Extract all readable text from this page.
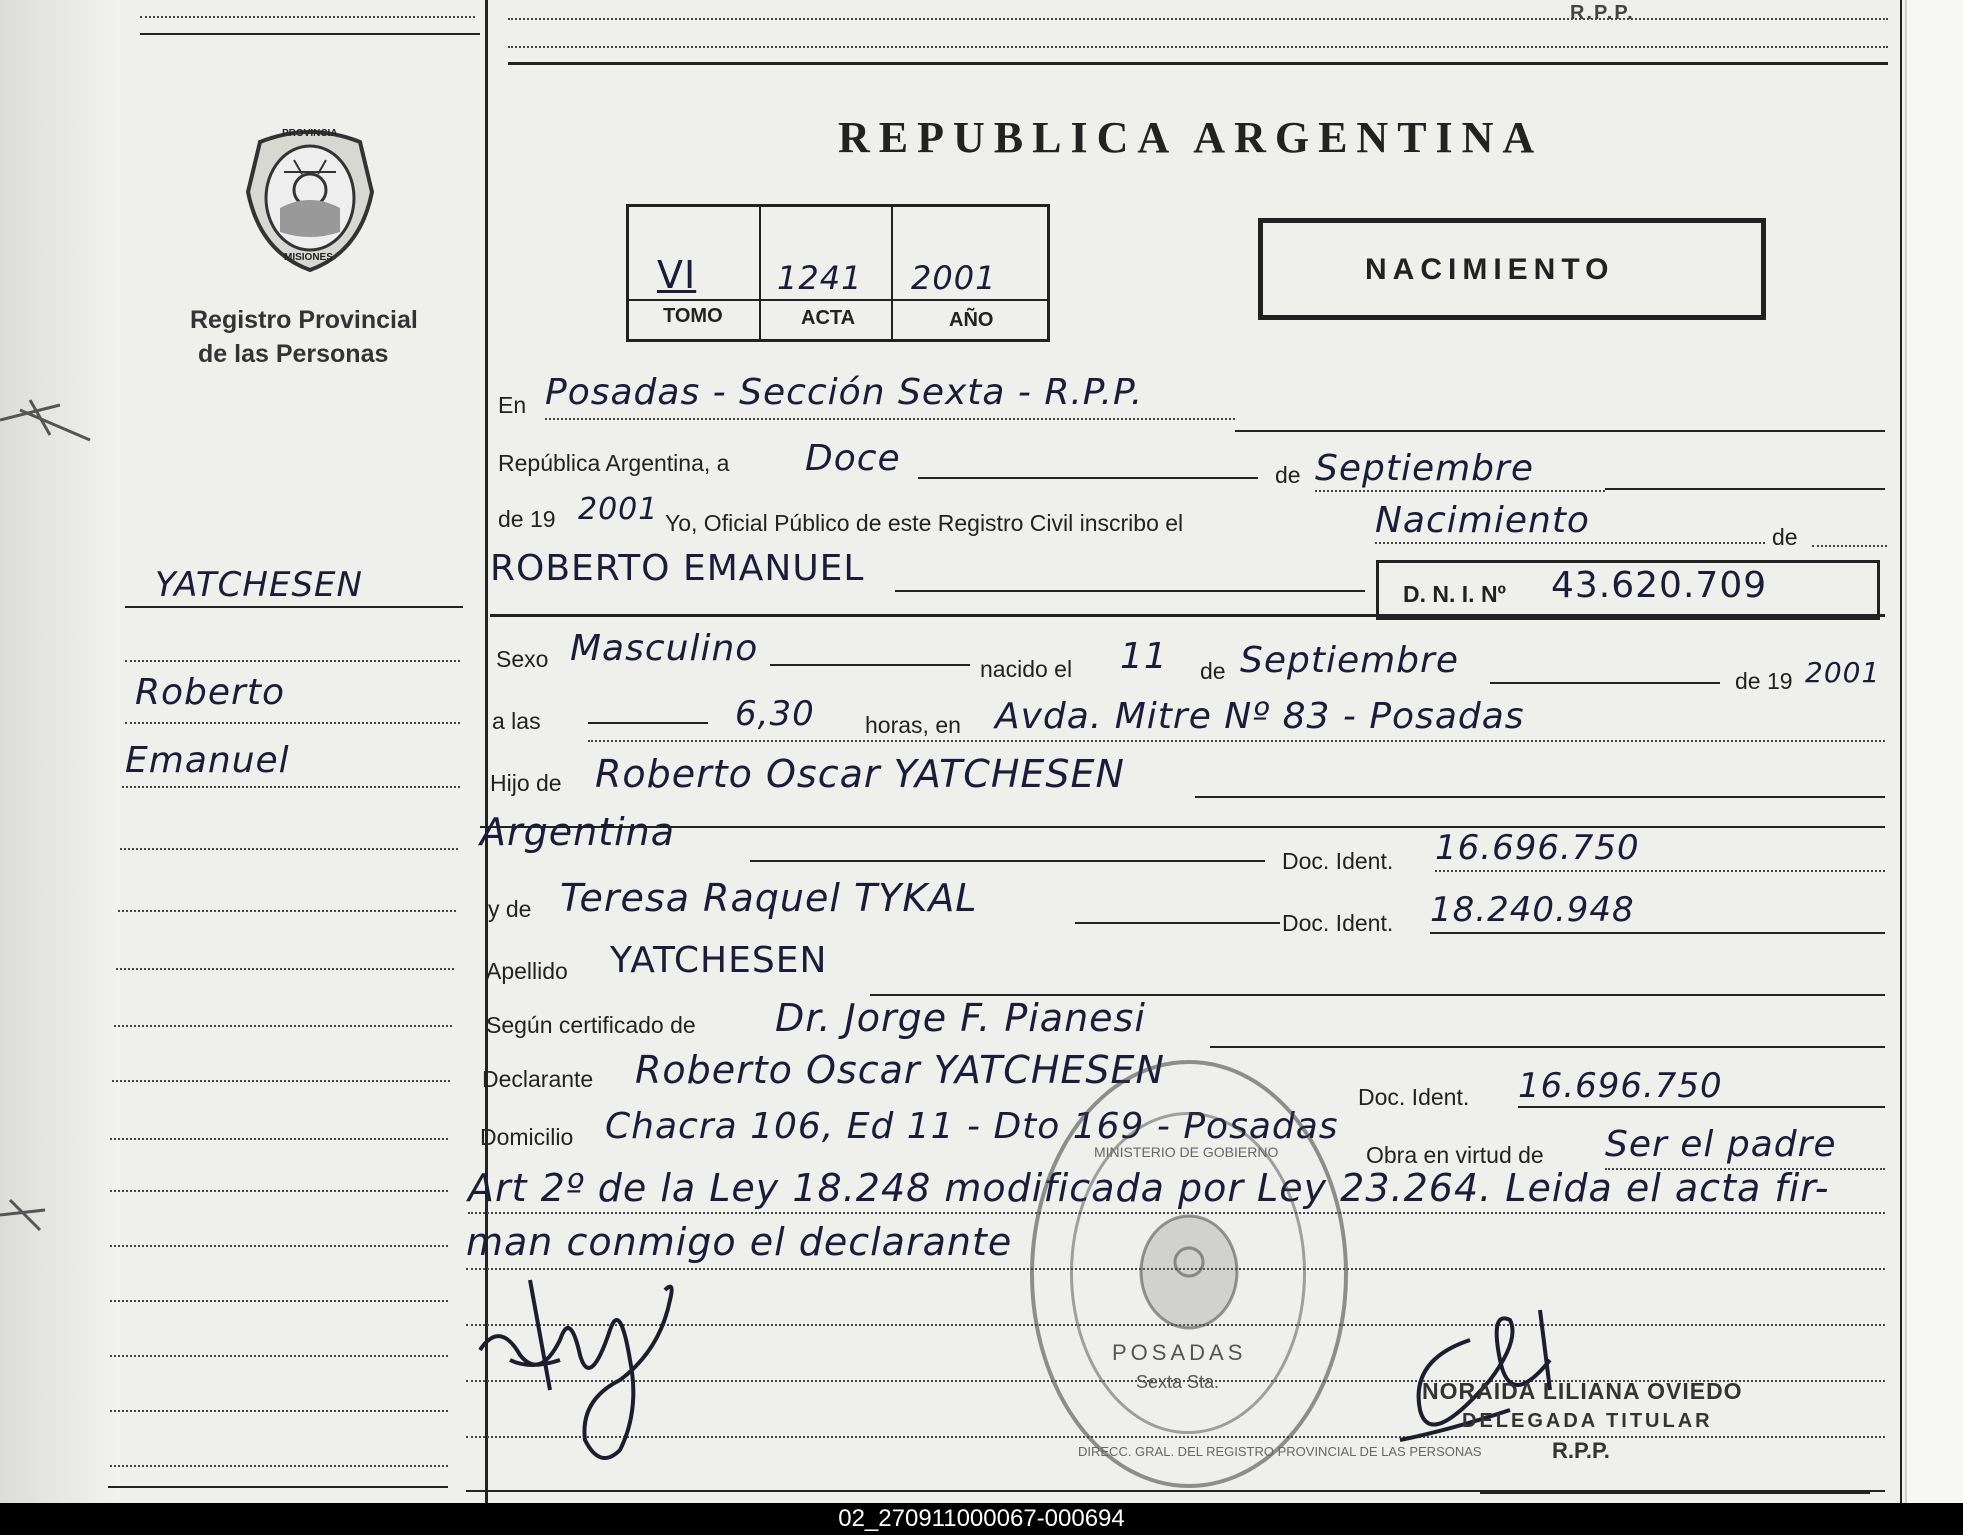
R.P.P.
PROVINCIA
MISIONES
Registro Provincial
de las Personas
YATCHESEN
Roberto
Emanuel
REPUBLICA ARGENTINA
VI	1241 2001
TOMO	ACTA	AÑO
NACIMIENTO
En Posadas - Sección Sexta - R.P.P.
República Argentina, a Doce	de Septiembre
de 19 2001 Yo, Oficial Público de este Registro Civil inscribo el	Nacimiento	de
ROBERTO EMANUEL
D. N. I. Nº 43.620.709
Sexo Masculino	nacido el 11 de Septiembre	de 19 2001
a las	6,30 horas, en Avda. Mitre Nº 83 - Posadas
Hijo de Roberto Oscar YATCHESEN
Argentina
Doc. Ident. 16.696.750
y de Teresa Raquel TYKAL
Doc. Ident. 18.240.948
Apellido YATCHESEN
Según certificado de Dr. Jorge F. Pianesi
Declarante Roberto Oscar YATCHESEN
Doc. Ident. 16.696.750
Domicilio Chacra 106, Ed 11 - Dto 169 - Posadas
Obra en virtud de Ser el padre
Art 2º de la Ley 18.248 modificada por Ley 23.264. Leida el acta fir-
man conmigo el declarante
POSADAS
Sexta Sta.
DIRECC. GRAL. DEL REGISTRO PROVINCIAL DE LAS PERSONAS
MINISTERIO DE GOBIERNO
NORAIDA LILIANA OVIEDO
DELEGADA TITULAR
R.P.P.
02_270911000067-000694
